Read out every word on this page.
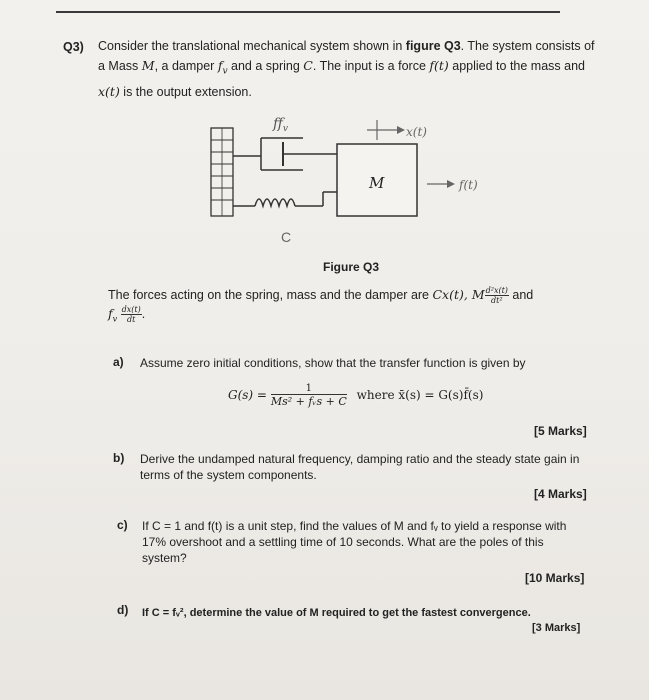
Q3) Consider the translational mechanical system shown in figure Q3. The system consists of a Mass M, a damper $f_v$ and a spring C. The input is a force f(t) applied to the mass and x(t) is the output extension.
$f_v$
C
M
x(t)
f(t)
Figure Q3
The forces acting on the spring, mass and the damper are Cx(t), M $\frac{\text{d²x(t)}}{\text{dt²}}$ and
$f_v \frac{dx(t)}{dt}$ .
a) Assume zero initial conditions, show that the transfer function is given by
$G(s) = \frac{1}{\text{Ms² + fᵥs + C}}$ where x̄(s) = G(s)f̄(s)
[5 Marks]
b) Derive the undamped natural frequency, damping ratio and the steady state gain in terms of the system components.
[4 Marks]
c) If C = 1 and f(t) is a unit step, find the values of M and fᵥ to yield a response with 17% overshoot and a settling time of 10 seconds. What are the poles of this system?
[10 Marks]
d) If C = fᵥ², determine the value of M required to get the fastest convergence.
[3 Marks]
